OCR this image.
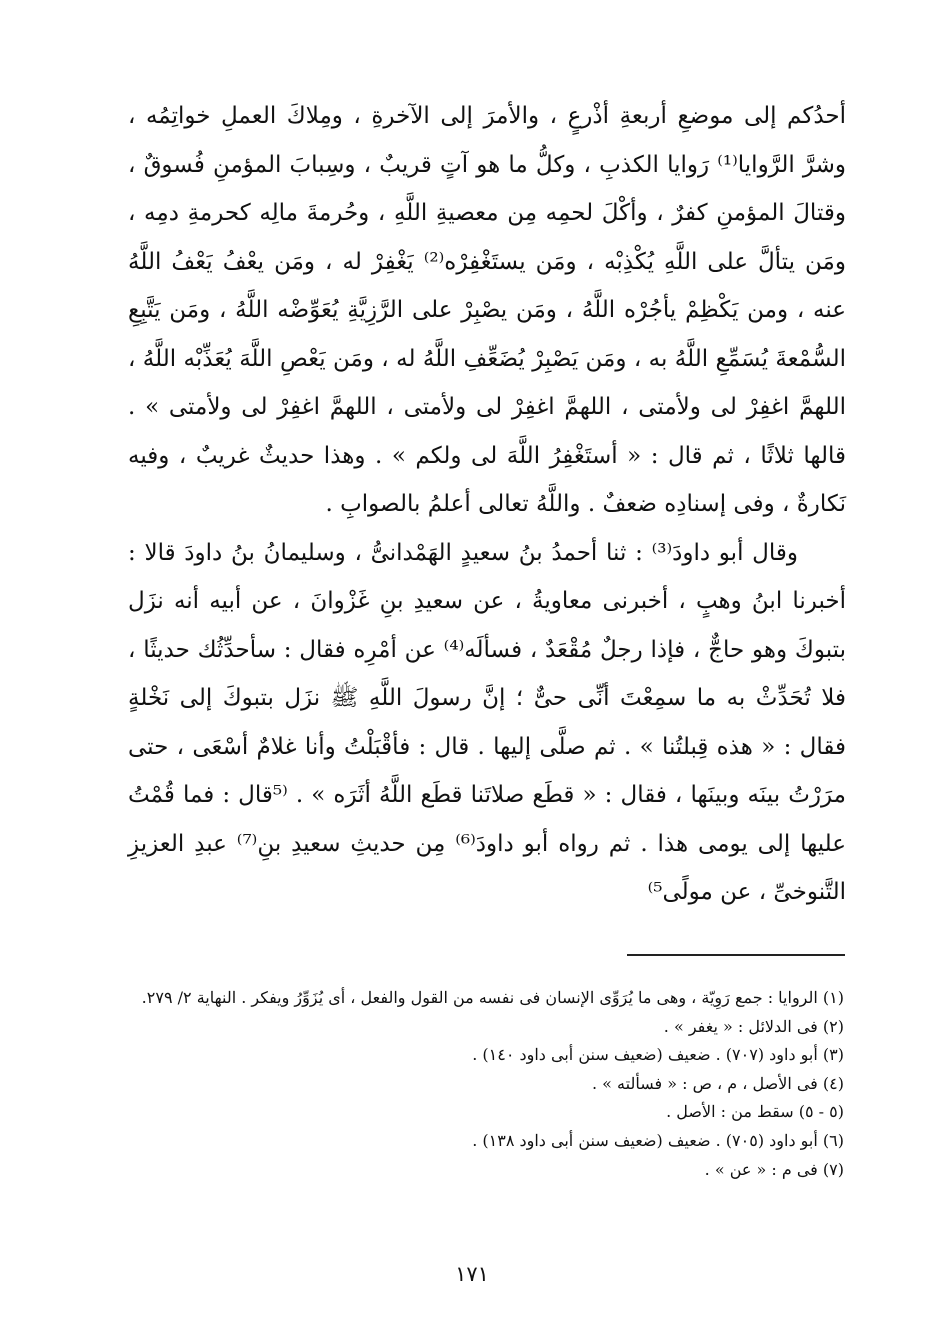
أحدُكم إلى موضعِ أربعةِ أذْرعٍ ، والأمرَ إلى الآخرةِ ، ومِلاكَ العملِ خواتِمُه ، وشرَّ الرَّوايا⁽¹⁾ رَوايا الكذبِ ، وكلُّ ما هو آتٍ قريبٌ ، وسِبابَ المؤمنِ فُسوقٌ ، وقتالَ المؤمنِ كفرٌ ، وأكْلَ لحمِه مِن معصيةِ اللَّهِ ، وحُرمةَ مالِه كحرمةِ دمِه ، ومَن يتألَّ على اللَّهِ يُكْذِبْه ، ومَن يستَغْفِرْه⁽²⁾ يَغْفِرْ له ، ومَن يعْفُ يَعْفُ اللَّهُ عنه ، ومن يَكْظِمْ يأجُرْه اللَّهُ ، ومَن يصْبِرْ على الرَّزِيَّةِ يُعَوِّضْه اللَّهُ ، ومَن يَتَّبِعِ السُّمْعةَ يُسَمِّعِ اللَّهُ به ، ومَن يَصْبِرْ يُضَعِّفِ اللَّهُ له ، ومَن يَعْصِ اللَّهَ يُعَذِّبْه اللَّهُ ، اللهمَّ اغفِرْ لى ولأمتى ، اللهمَّ اغفِرْ لى ولأمتى ، اللهمَّ اغفِرْ لى ولأمتى » . قالها ثلاثًا ، ثم قال : « أستَغْفِرُ اللَّهَ لى ولكم » . وهذا حديثٌ غريبٌ ، وفيه نَكارةٌ ، وفى إسنادِه ضعفٌ . واللَّهُ تعالى أعلمُ بالصوابِ .

وقال أبو داودَ⁽³⁾ : ثنا أحمدُ بنُ سعيدٍ الهَمْدانىُّ ، وسليمانُ بنُ داودَ قالا : أخبرنا ابنُ وهبٍ ، أخبرنى معاويةُ ، عن سعيدِ بنِ غَزْوانَ ، عن أبيه أنه نزَل بتبوكَ وهو حاجٌّ ، فإذا رجلٌ مُقْعَدٌ ، فسألَه⁽⁴⁾ عن أمْرِه فقال : سأحدِّثُك حديثًا ، فلا تُحَدِّثْ به ما سمِعْتَ أنِّى حىٌّ ؛ إنَّ رسولَ اللَّهِ ﷺ نزَل بتبوكَ إلى نَخْلةٍ فقال : « هذه قِبلتُنا » . ثم صلَّى إليها . قال : فأقْبَلْتُ وأنا غلامٌ أسْعَى ، حتى مرَرْتُ بينَه وبينَها ، فقال : « قطَع صلاتَنا قطَع اللَّهُ أثَرَه » . ⁽⁵قال : فما قُمْتُ عليها إلى يومى هذا . ثم رواه أبو داودَ⁽⁶⁾ مِن حديثِ سعيدِ بنِ⁽⁷⁾ عبدِ العزيزِ التَّنوخىِّ ، عن مولًى⁵⁾

(١) الروايا : جمع رَوِيّة ، وهى ما يُرَوِّى الإنسان فى نفسه من القول والفعل ، أى يُزَوِّرُ ويفكر . النهاية ٢/ ٢٧٩.
(٢) فى الدلائل : « يغفر » .
(٣) أبو داود (٧٠٧) . ضعيف (ضعيف سنن أبى داود ١٤٠) .
(٤) فى الأصل ، م ، ص : « فسألته » .
(٥ - ٥) سقط من : الأصل .
(٦) أبو داود (٧٠٥) . ضعيف (ضعيف سنن أبى داود ١٣٨) .
(٧) فى م : « عن » .
١٧١
